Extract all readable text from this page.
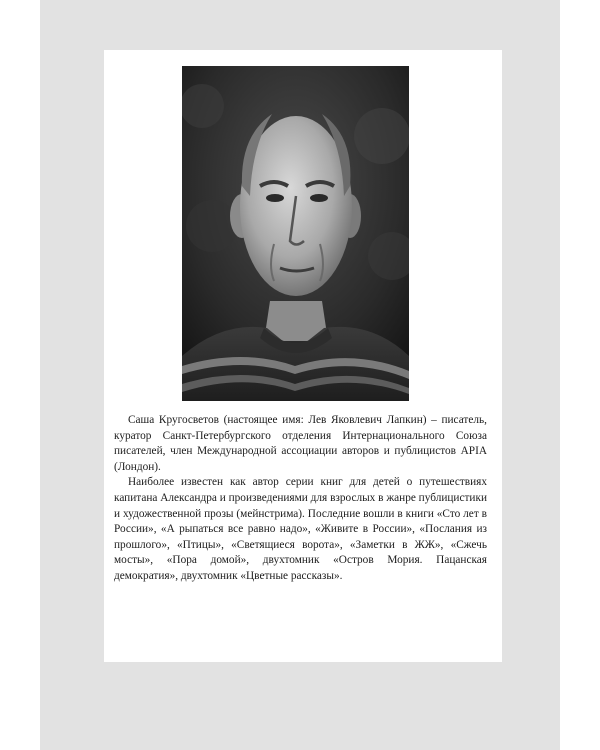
Саша Кругосветов (настоящее имя: Лев Яковлевич Лапкин) – писатель, куратор Санкт-Петербургского отделения Интернационального Союза писателей, член Международной ассоциации авторов и публицистов APIA (Лондон).

Наиболее известен как автор серии книг для детей о путешествиях капитана Александра и произведениями для взрослых в жанре публицистики и художественной прозы (мейнстрима). Последние вошли в книги «Сто лет в России», «А рыпаться все равно надо», «Живите в России», «Послания из прошлого», «Птицы», «Светящиеся ворота», «Заметки в ЖЖ», «Сжечь мосты», «Пора домой», двухтомник «Остров Мория. Пацанская демократия», двухтомник «Цветные рассказы».
